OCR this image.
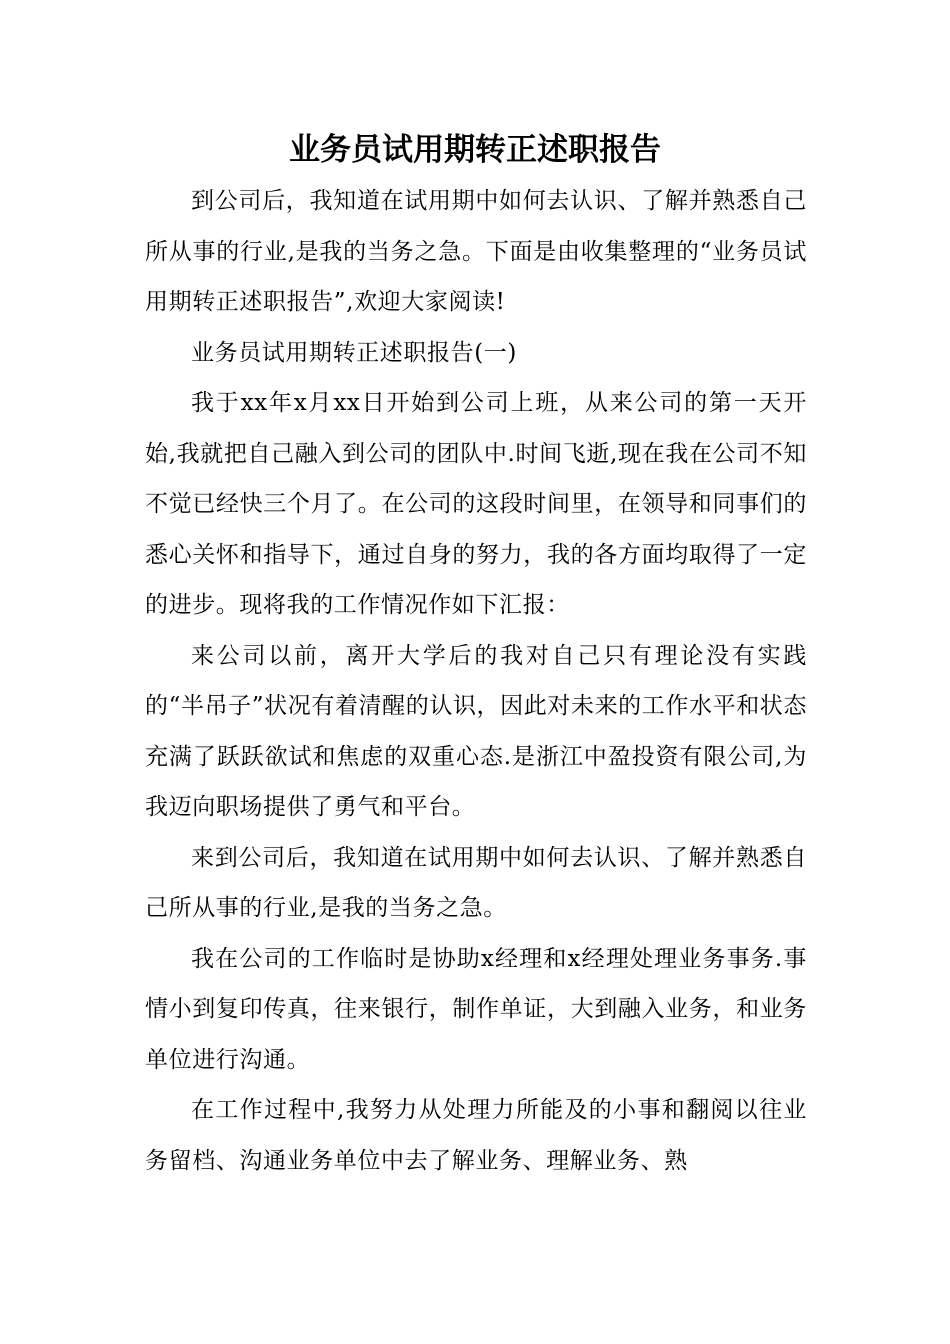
业务员试用期转正述职报告

到公司后，我知道在试用期中如何去认识、了解并熟悉自己所从事的行业,是我的当务之急。下面是由收集整理的“业务员试用期转正述职报告”,欢迎大家阅读!

业务员试用期转正述职报告(一)

我于xx年x月xx日开始到公司上班，从来公司的第一天开始,我就把自己融入到公司的团队中.时间飞逝,现在我在公司不知不觉已经快三个月了。在公司的这段时间里，在领导和同事们的悉心关怀和指导下，通过自身的努力，我的各方面均取得了一定的进步。现将我的工作情况作如下汇报：

来公司以前，离开大学后的我对自己只有理论没有实践的“半吊子”状况有着清醒的认识，因此对未来的工作水平和状态充满了跃跃欲试和焦虑的双重心态.是浙江中盈投资有限公司,为我迈向职场提供了勇气和平台。

来到公司后，我知道在试用期中如何去认识、了解并熟悉自己所从事的行业,是我的当务之急。

我在公司的工作临时是协助x经理和x经理处理业务事务.事情小到复印传真，往来银行，制作单证，大到融入业务，和业务单位进行沟通。

在工作过程中,我努力从处理力所能及的小事和翻阅以往业务留档、沟通业务单位中去了解业务、理解业务、熟
